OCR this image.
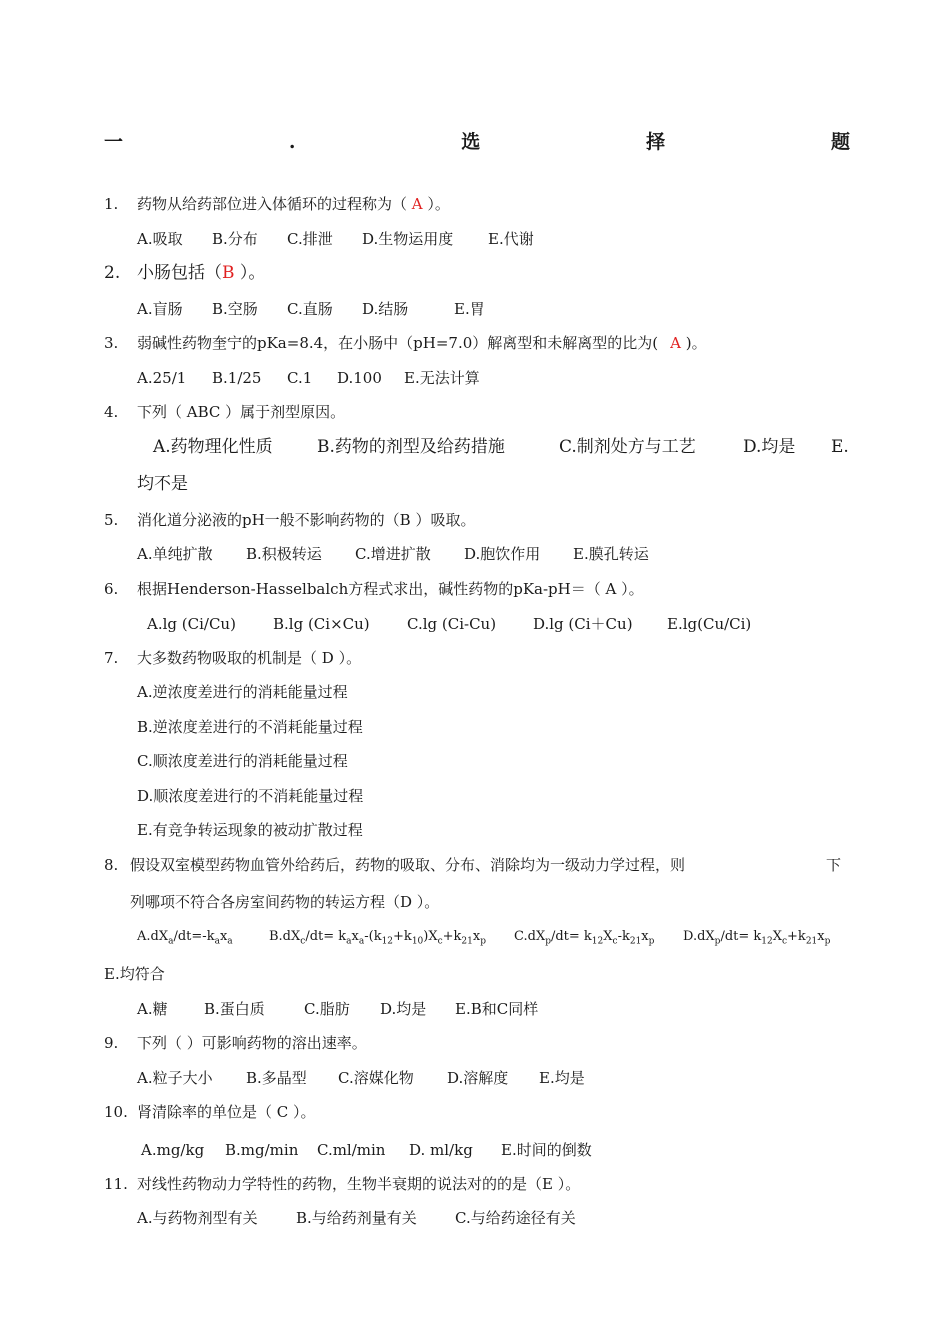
一	.	选	择	题
1. 药物从给药部位进入体循环的过程称为（ A ）。
A.吸取 B.分布 C.排泄 D.生物运用度 E.代谢
2. 小肠包括（B ）。
A.盲肠 B.空肠 C.直肠 D.结肠	E.胃
3. 弱碱性药物奎宁的pKa=8.4，在小肠中（pH=7.0）解离型和未解离型的比为( A )。
A.25/1 B.1/25 C.1 D.100 E.无法计算
4. 下列（ ABC ）属于剂型原因。
A.药物理化性质	B.药物的剂型及给药措施	C.制剂处方与工艺	D.均是 E.
均不是
5. 消化道分泌液的pH一般不影响药物的（B ）吸取。
A.单纯扩散 B.积极转运 C.增进扩散 D.胞饮作用 E.膜孔转运
6. 根据Henderson-Hasselbalch方程式求出，碱性药物的pKa-pH＝（ A ）。
A.lg (Ci/Cu) B.lg (Ci×Cu) C.lg (Ci-Cu) D.lg (Ci＋Cu) E.lg(Cu/Ci)
7. 大多数药物吸取的机制是（ D ）。
A.逆浓度差进行的消耗能量过程
B.逆浓度差进行的不消耗能量过程
C.顺浓度差进行的消耗能量过程
D.顺浓度差进行的不消耗能量过程
E.有竞争转运现象的被动扩散过程
8. 假设双室模型药物血管外给药后，药物的吸取、分布、消除均为一级动力学过程，则	下
列哪项不符合各房室间药物的转运方程（D ）。
$A.dX_a/dt=-k_ax_a$	$B.dX_c/dt= k_ax_a-(k_{12}+k_{10})X_c+k_{21}x_p$ $C.dX_p/dt= k_{12}X_c-k_{21}x_p$ $D.dX_p/dt= k_{12}X_c+k_{21}x_p$
E.均符合
A.糖 B.蛋白质	C.脂肪 D.均是 E.B和C同样
9. 下列（ ）可影响药物的溶出速率。
A.粒子大小 B.多晶型 C.溶媒化物 D.溶解度 E.均是
10. 肾清除率的单位是（ C ）。
A.mg/kg B.mg/min C.ml/min D. ml/kg E.时间的倒数
11. 对线性药物动力学特性的药物，生物半衰期的说法对的的是（E ）。
A.与药物剂型有关	B.与给药剂量有关	C.与给药途径有关
